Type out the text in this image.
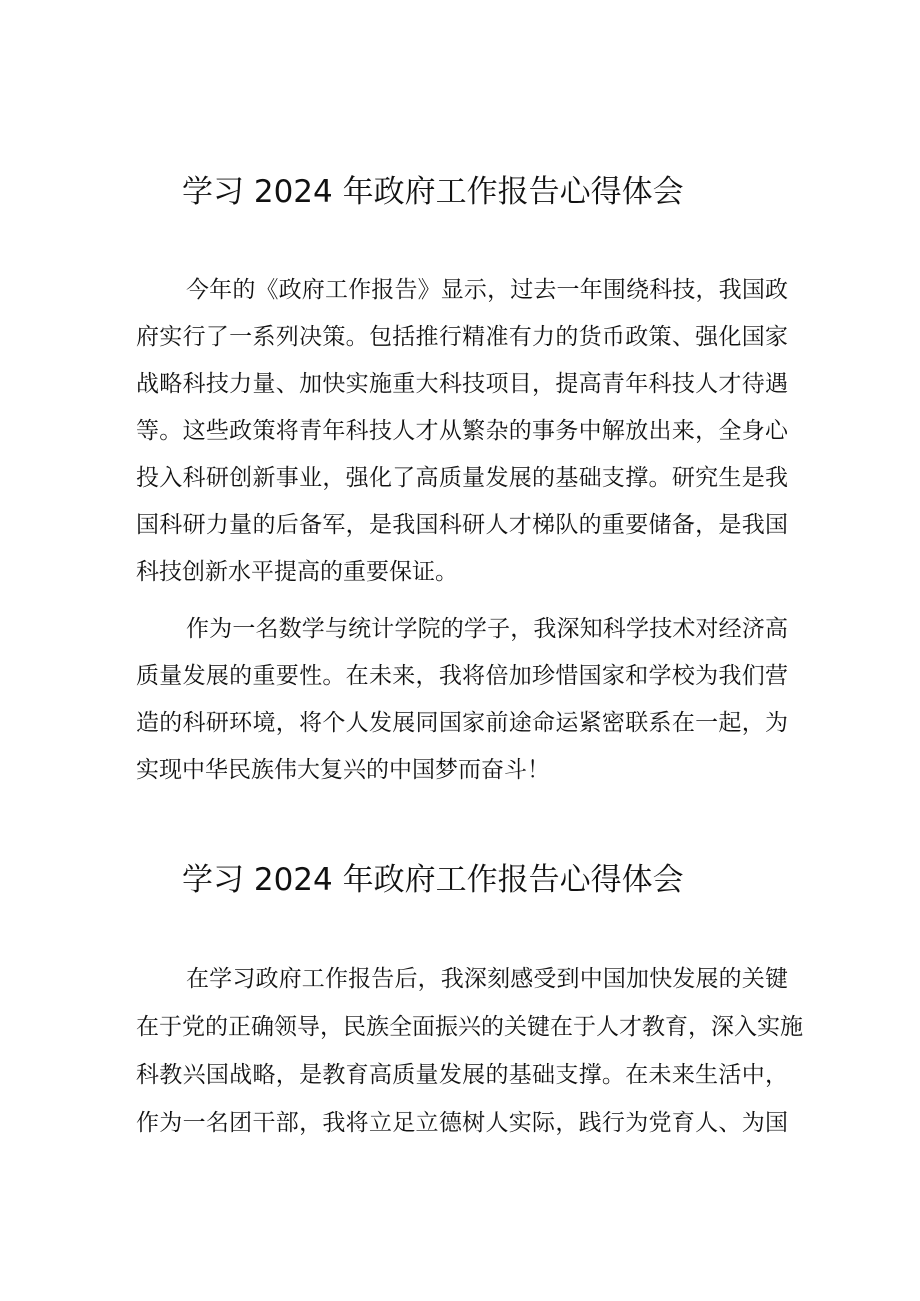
学习 2024 年政府工作报告心得体会

今年的《政府工作报告》显示，过去一年围绕科技，我国政

府实行了一系列决策。包括推行精准有力的货币政策、强化国家

战略科技力量、加快实施重大科技项目，提高青年科技人才待遇

等。这些政策将青年科技人才从繁杂的事务中解放出来，全身心

投入科研创新事业，强化了高质量发展的基础支撑。研究生是我

国科研力量的后备军，是我国科研人才梯队的重要储备，是我国

科技创新水平提高的重要保证。

作为一名数学与统计学院的学子，我深知科学技术对经济高

质量发展的重要性。在未来，我将倍加珍惜国家和学校为我们营

造的科研环境，将个人发展同国家前途命运紧密联系在一起，为

实现中华民族伟大复兴的中国梦而奋斗！

学习 2024 年政府工作报告心得体会

在学习政府工作报告后，我深刻感受到中国加快发展的关键

在于党的正确领导，民族全面振兴的关键在于人才教育，深入实施

科教兴国战略，是教育高质量发展的基础支撑。在未来生活中，

作为一名团干部，我将立足立德树人实际，践行为党育人、为国
